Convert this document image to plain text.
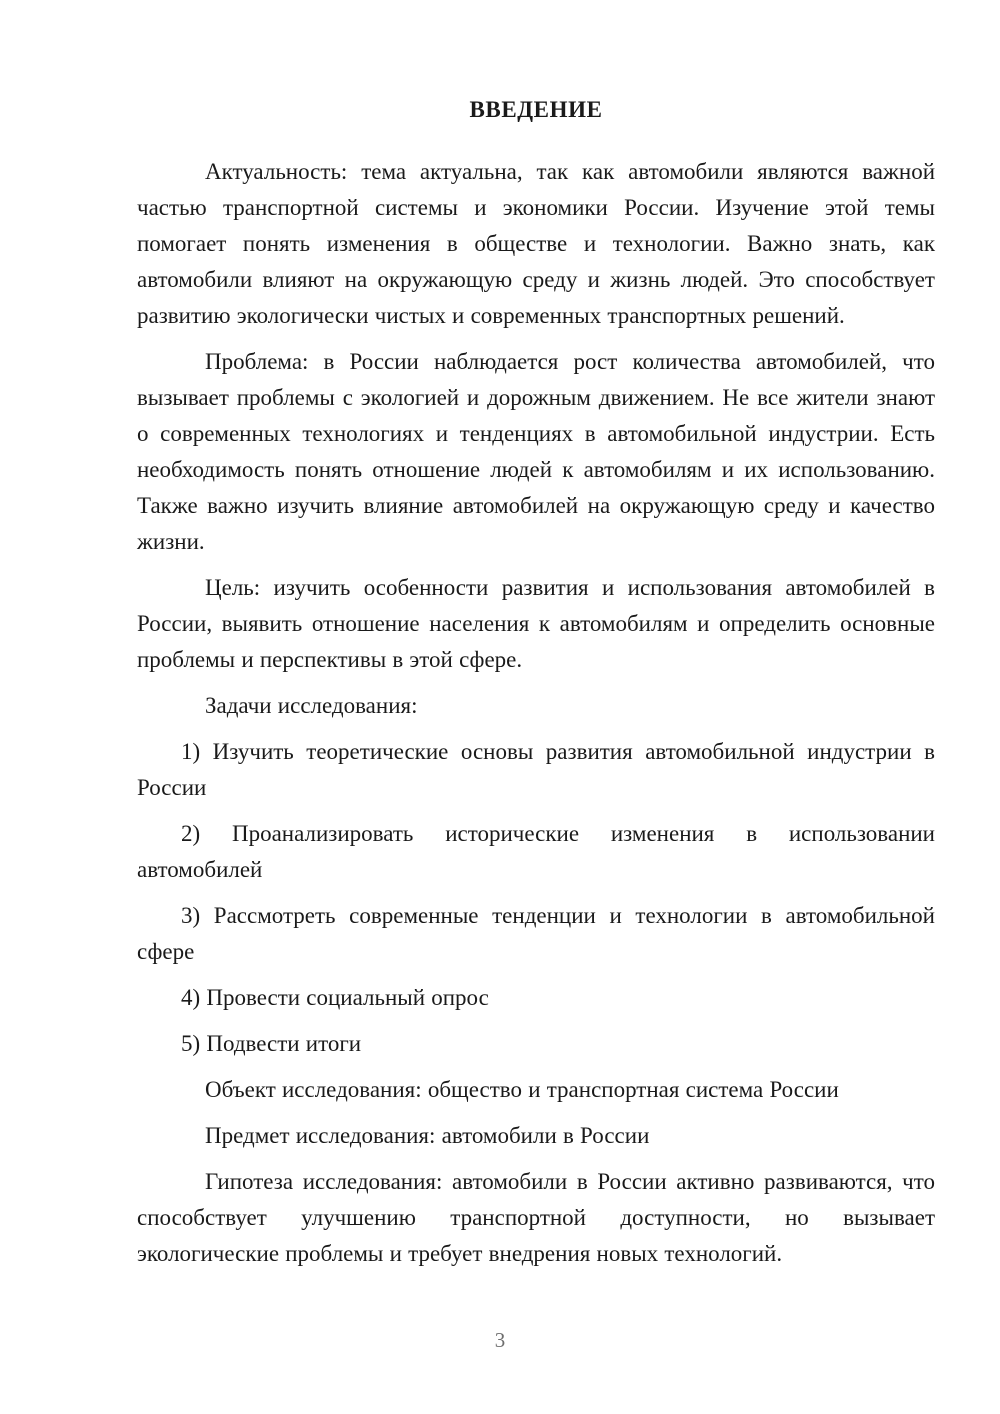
ВВЕДЕНИЕ

Актуальность: тема актуальна, так как автомобили являются важной частью транспортной системы и экономики России. Изучение этой темы помогает понять изменения в обществе и технологии. Важно знать, как автомобили влияют на окружающую среду и жизнь людей. Это способствует развитию экологически чистых и современных транспортных решений.

Проблема: в России наблюдается рост количества автомобилей, что вызывает проблемы с экологией и дорожным движением. Не все жители знают о современных технологиях и тенденциях в автомобильной индустрии. Есть необходимость понять отношение людей к автомобилям и их использованию. Также важно изучить влияние автомобилей на окружающую среду и качество жизни.

Цель: изучить особенности развития и использования автомобилей в России, выявить отношение населения к автомобилям и определить основные проблемы и перспективы в этой сфере.

Задачи исследования:

1) Изучить теоретические основы развития автомобильной индустрии в России

2) Проанализировать исторические изменения в использовании автомобилей

3) Рассмотреть современные тенденции и технологии в автомобильной сфере

4) Провести социальный опрос

5) Подвести итоги

Объект исследования: общество и транспортная система России

Предмет исследования: автомобили в России

Гипотеза исследования: автомобили в России активно развиваются, что способствует улучшению транспортной доступности, но вызывает экологические проблемы и требует внедрения новых технологий.

3
